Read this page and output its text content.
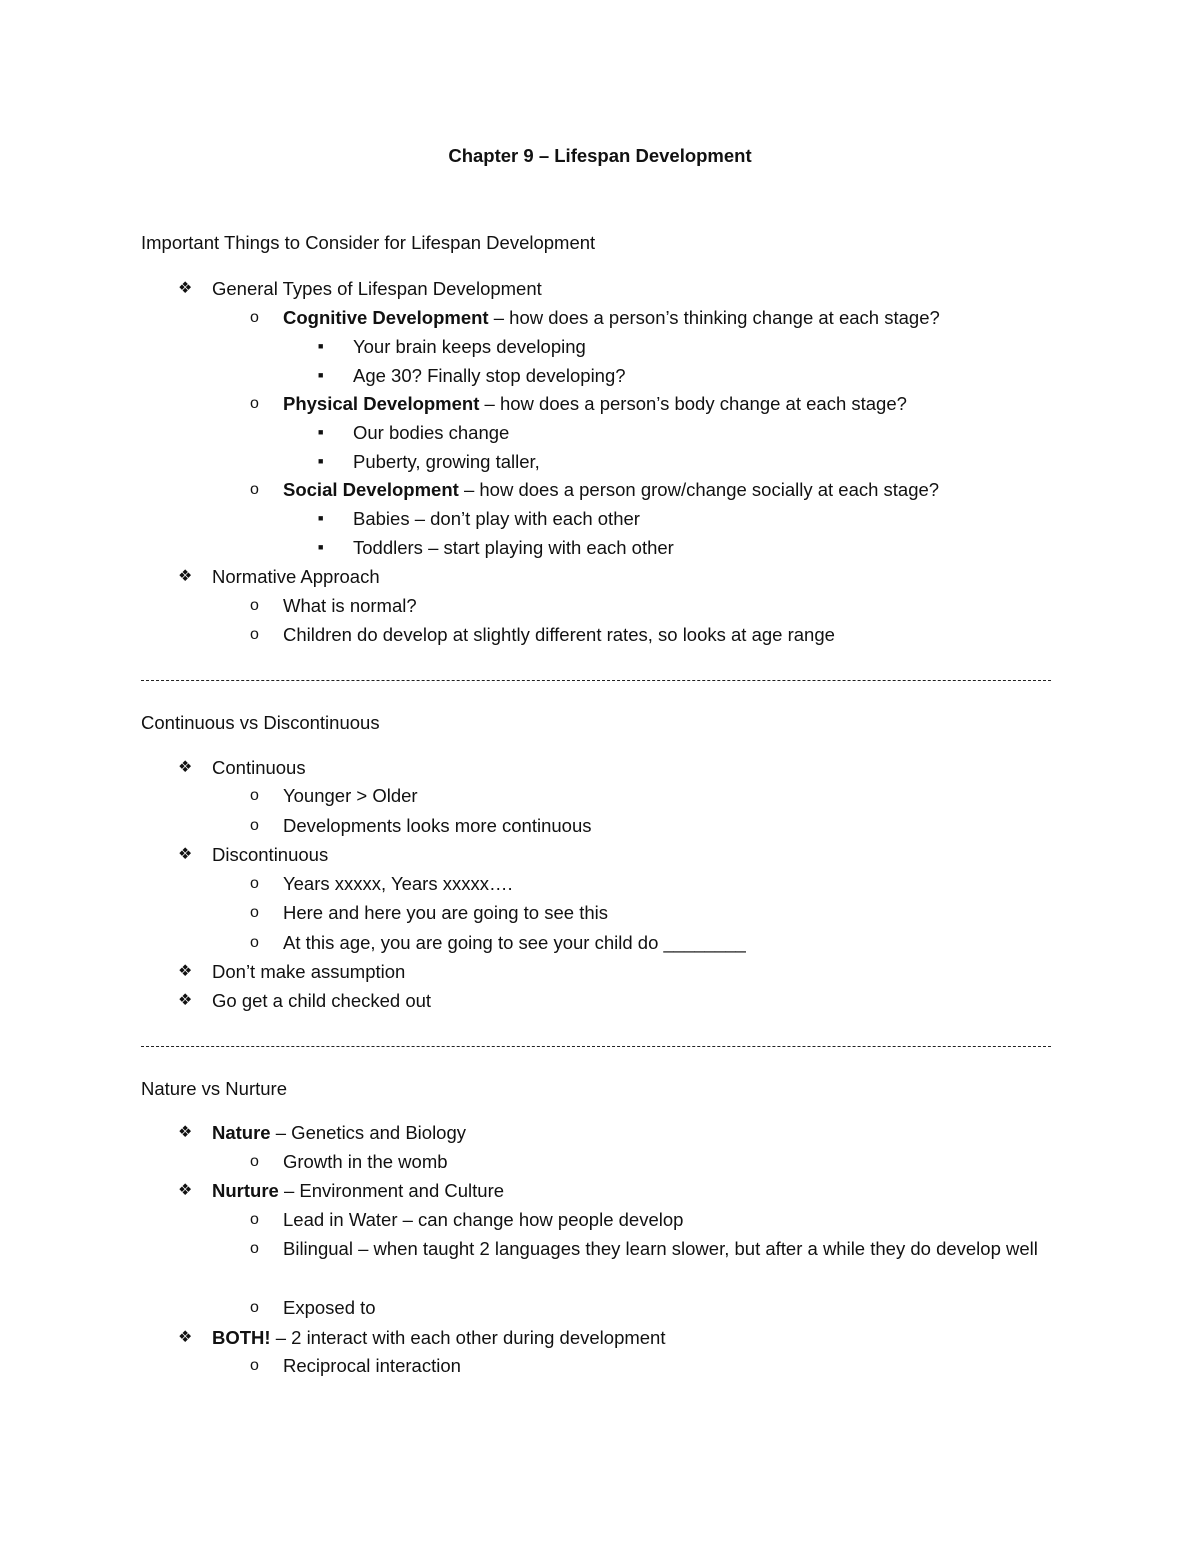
Chapter 9 – Lifespan Development
Important Things to Consider for Lifespan Development
❖ General Types of Lifespan Development
o Cognitive Development – how does a person’s thinking change at each stage?
■ Your brain keeps developing
■ Age 30? Finally stop developing?
o Physical Development – how does a person’s body change at each stage?
■ Our bodies change
■ Puberty, growing taller,
o Social Development – how does a person grow/change socially at each stage?
■ Babies – don’t play with each other
■ Toddlers – start playing with each other
❖ Normative Approach
o What is normal?
o Children do develop at slightly different rates, so looks at age range
Continuous vs Discontinuous
❖ Continuous
o Younger > Older
o Developments looks more continuous
❖ Discontinuous
o Years xxxxx, Years xxxxx….
o Here and here you are going to see this
o At this age, you are going to see your child do ________
❖ Don’t make assumption
❖ Go get a child checked out
Nature vs Nurture
❖ Nature – Genetics and Biology
o Growth in the womb
❖ Nurture – Environment and Culture
o Lead in Water – can change how people develop
o Bilingual – when taught 2 languages they learn slower, but after a while they do develop well
o Exposed to
❖ BOTH! – 2 interact with each other during development
o Reciprocal interaction
